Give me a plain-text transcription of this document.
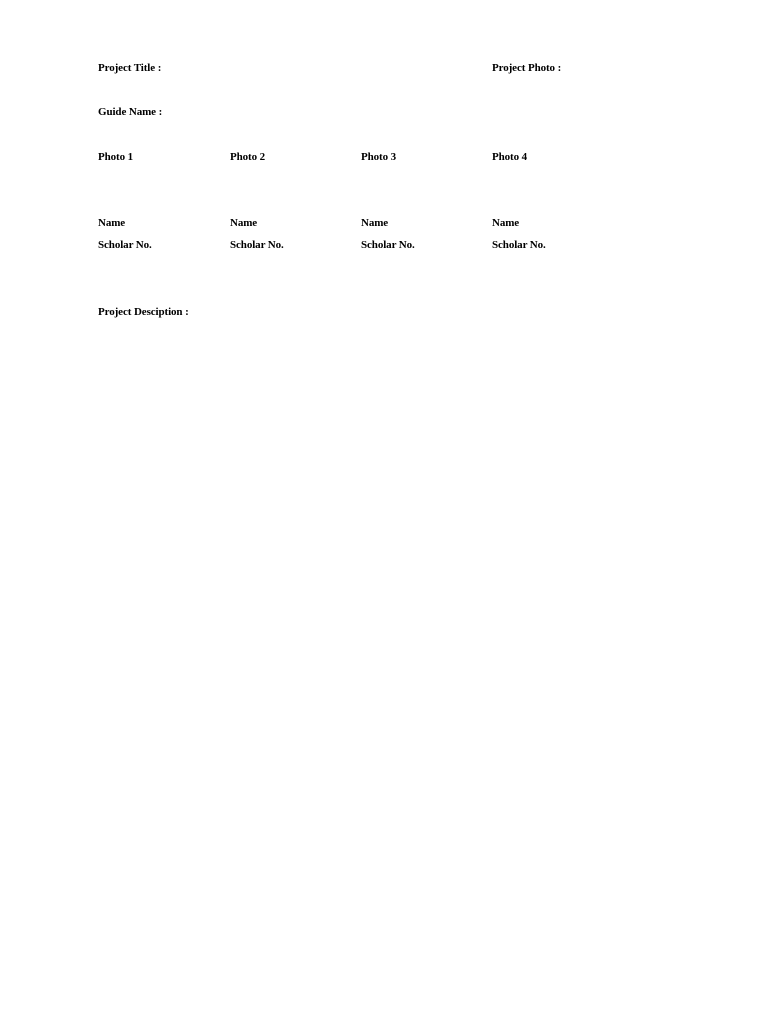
Project Title :	Project Photo :
Guide Name :
Photo 1	Photo 2	Photo 3	Photo 4
Name	Name	Name	Name
Scholar No.	Scholar No.	Scholar No.	Scholar No.
Project Desciption :
